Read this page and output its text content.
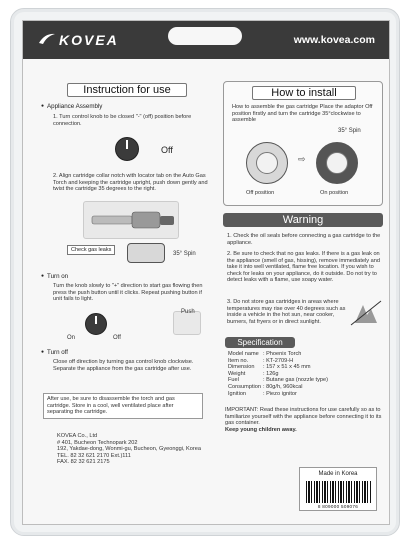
KOVEA	www.kovea.com
Instruction for use
● Appliance Assembly
1. Turn control knob to be closed "-" (off) position before connection.
Off
2. Align cartridge collar notch with locator tab on the Auto Gas Torch and keeping the cartridge upright, push down gently and twist the cartridge 35 degrees to the right.
Check gas leaks
35° Spin
● Turn on
Turn the knob slowly to "+" direction to start gas flowing then press the push button until it clicks. Repeat pushing button if unit fails to light.
On	Off
Push
● Turn off
Close off direction by turning gas control knob clockwise. Separate the appliance from the gas cartridge after use.
After use, be sure to disassemble the torch and gas cartridge. Store in a cool, well ventilated place after separating the cartridge.
KOVEA Co., Ltd
# 401, Bucheon Technopark 202
192, Yakdae-dong, Wonmi-gu, Bucheon, Gyeonggi, Korea
TEL. 82 32 621 2170 Ext.)111
FAX. 82 32 621 2175
How to install
How to assemble the gas cartridge Place the adaptor Off position firstly and turn the cartridge 35°clockwise to assemble
35° Spin
⇨
Off position	On position
Warning
1. Check the oil seals before connecting a gas cartridge to the appliance.
2. Be sure to check that no gas leaks. If there is a gas leak on the appliance (smell of gas, hissing), remove immediately and take it into well ventilated, flame free location. If you wish to check for leaks on your appliance, do it outside. Do not try to detect leaks with a flame, use soapy water.
3. Do not store gas cartridges in areas where temperatures may rise over 40 degrees such as inside a vehicle in the hot sun, near cooker, burners, fat fryers or in direct sunlight.
Specification
Model name	: Phoenix Torch
Item no.	: KT-2709-H
Dimension	: 157 x 51 x 45 mm
Weight	: 126g
Fuel	: Butane gas (nozzle type)
Consumption	: 80g/h, 960kcal
Ignition	: Piezo ignitor
IMPORTANT: Read these instructions for use carefully so as to familiarize yourself with the appliance before connecting it to its gas container.
Keep young children away.
Made in Korea
8 809000 509076
